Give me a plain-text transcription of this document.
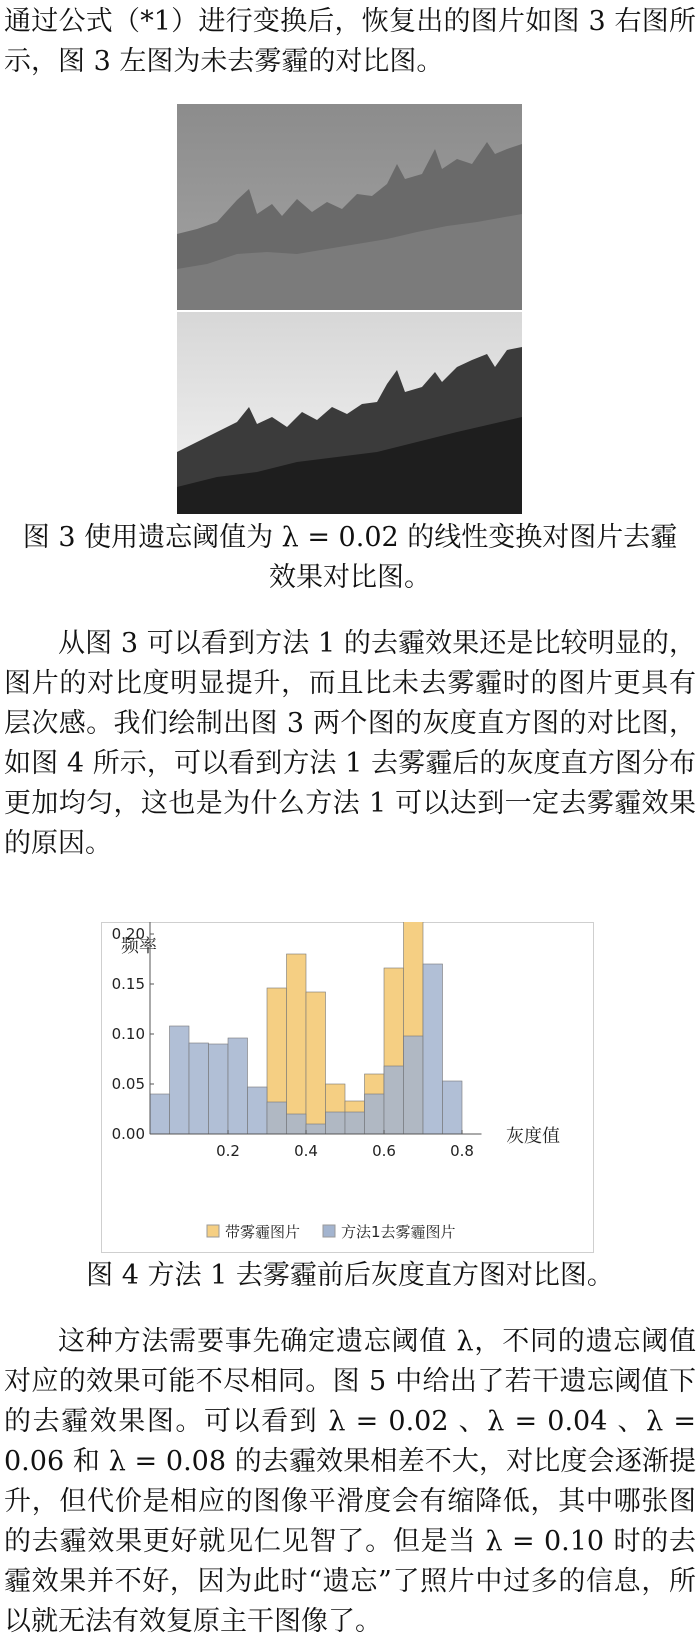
通过公式（*1）进行变换后，恢复出的图片如图 3 右图所示，图 3 左图为未去雾霾的对比图。
图 3 使用遗忘阈值为 λ = 0.02 的线性变换对图片去霾
效果对比图。
从图 3 可以看到方法 1 的去霾效果还是比较明显的，图片的对比度明显提升，而且比未去雾霾时的图片更具有层次感。我们绘制出图 3 两个图的灰度直方图的对比图，如图 4 所示，可以看到方法 1 去雾霾后的灰度直方图分布更加均匀，这也是为什么方法 1 可以达到一定去雾霾效果的原因。
频率
灰度值
0.00
0.05
0.10
0.15
0.20
0.2	0.4	0.6	0.8
带雾霾图片	方法1去雾霾图片
图 4 方法 1 去雾霾前后灰度直方图对比图。
这种方法需要事先确定遗忘阈值 λ，不同的遗忘阈值对应的效果可能不尽相同。图 5 中给出了若干遗忘阈值下的去霾效果图。可以看到 λ = 0.02 、λ = 0.04 、λ = 0.06 和 λ = 0.08 的去霾效果相差不大，对比度会逐渐提升，但代价是相应的图像平滑度会有缩降低，其中哪张图的去霾效果更好就见仁见智了。但是当 λ = 0.10 时的去霾效果并不好，因为此时“遗忘”了照片中过多的信息，所以就无法有效复原主干图像了。
